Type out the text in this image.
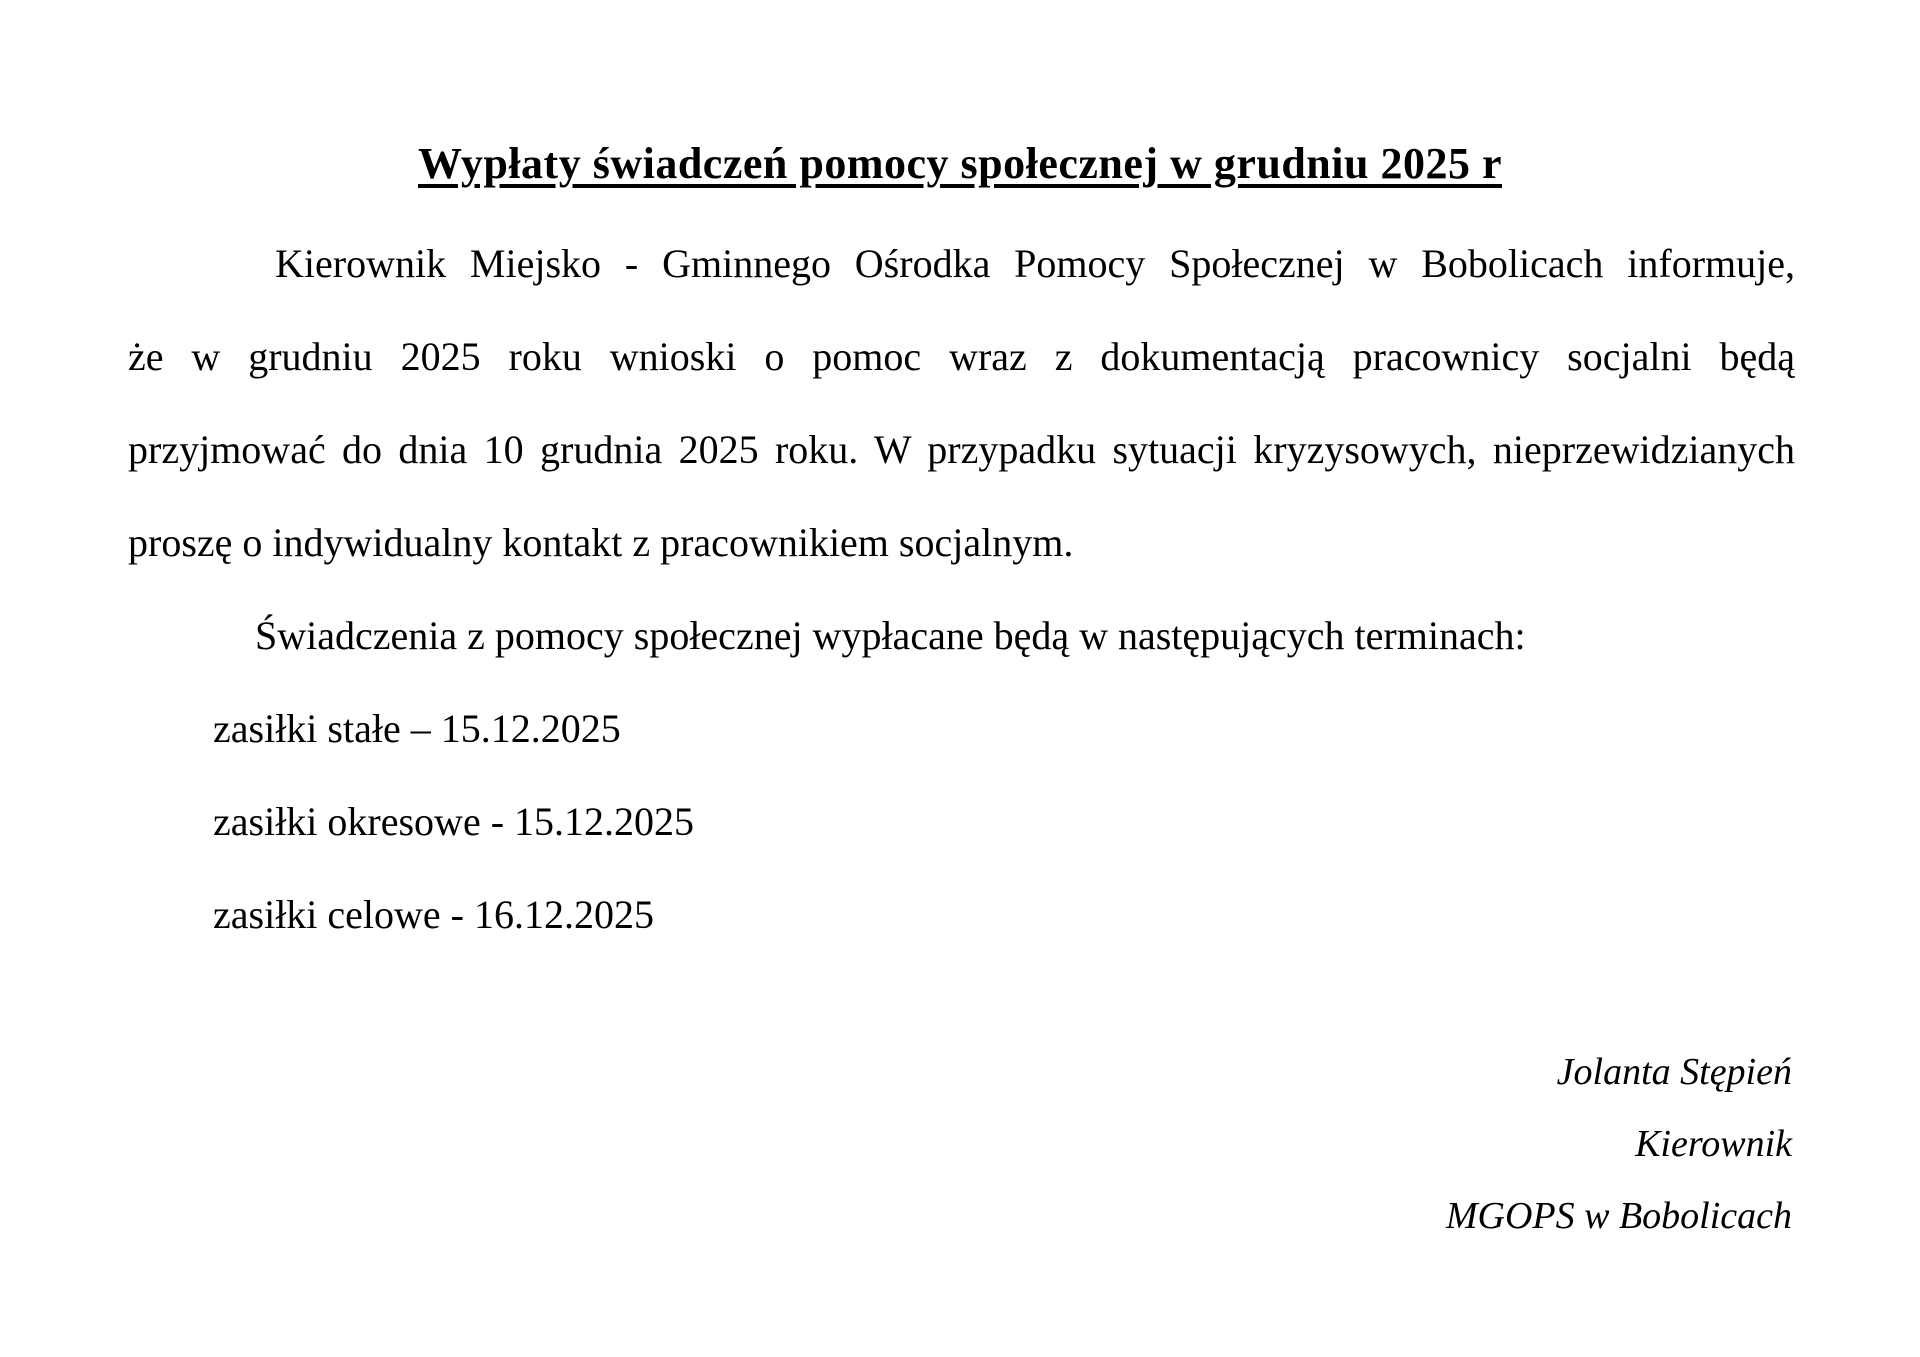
Wypłaty świadczeń pomocy społecznej w grudniu 2025 r
Kierownik Miejsko - Gminnego Ośrodka Pomocy Społecznej w Bobolicach informuje,
że w grudniu 2025 roku wnioski o pomoc wraz z dokumentacją pracownicy socjalni będą
przyjmować do dnia 10 grudnia 2025 roku. W przypadku sytuacji kryzysowych, nieprzewidzianych
proszę o indywidualny kontakt z pracownikiem socjalnym.
Świadczenia z pomocy społecznej wypłacane będą w następujących terminach:
zasiłki stałe – 15.12.2025
zasiłki okresowe - 15.12.2025
zasiłki celowe - 16.12.2025
Jolanta Stępień
Kierownik
MGOPS w Bobolicach
